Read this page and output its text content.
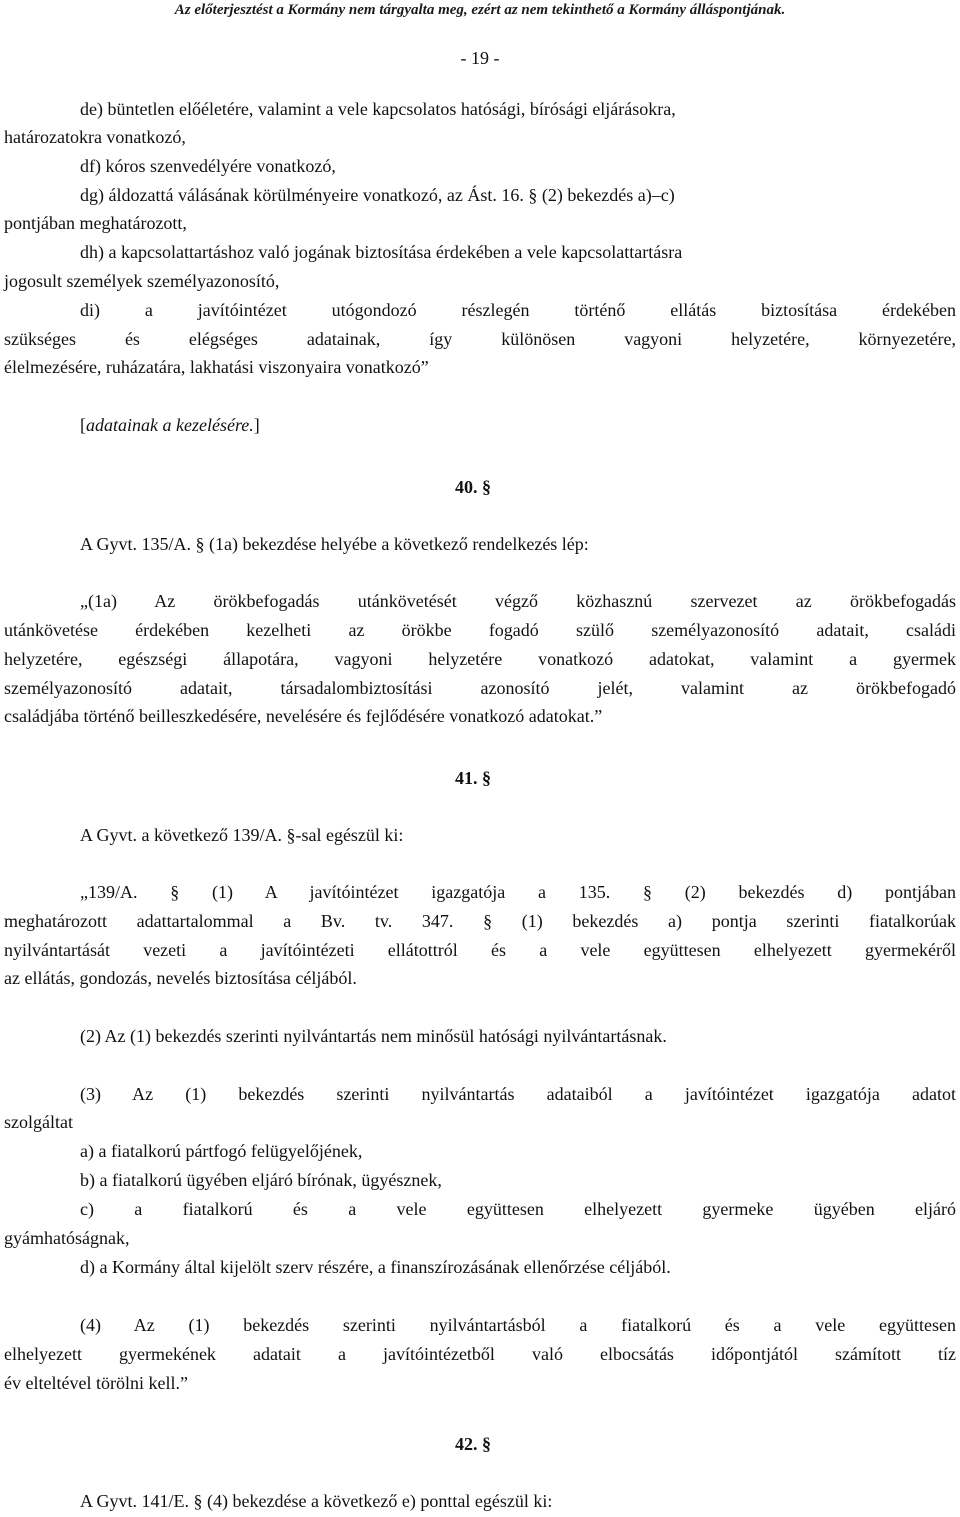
Az előterjesztést a Kormány nem tárgyalta meg, ezért az nem tekinthető a Kormány álláspontjának.
- 19 -
de) büntetlen előéletére, valamint a vele kapcsolatos hatósági, bírósági eljárásokra,
határozatokra vonatkozó,
df) kóros szenvedélyére vonatkozó,
dg) áldozattá válásának körülményeire vonatkozó, az Ást. 16. § (2) bekezdés a)–c)
pontjában meghatározott,
dh) a kapcsolattartáshoz való jogának biztosítása érdekében a vele kapcsolattartásra
jogosult személyek személyazonosító,
di) a javítóintézet utógondozó részlegén történő ellátás biztosítása érdekében
szükséges és elégséges adatainak, így különösen vagyoni helyzetére, környezetére,
élelmezésére, ruházatára, lakhatási viszonyaira vonatkozó”
[adatainak a kezelésére.]
40. §
A Gyvt. 135/A. § (1a) bekezdése helyébe a következő rendelkezés lép:
„(1a) Az örökbefogadás utánkövetését végző közhasznú szervezet az örökbefogadás
utánkövetése érdekében kezelheti az örökbe fogadó szülő személyazonosító adatait, családi
helyzetére, egészségi állapotára, vagyoni helyzetére vonatkozó adatokat, valamint a gyermek
személyazonosító adatait, társadalombiztosítási azonosító jelét, valamint az örökbefogadó
családjába történő beilleszkedésére, nevelésére és fejlődésére vonatkozó adatokat.”
41. §
A Gyvt. a következő 139/A. §-sal egészül ki:
„139/A. § (1) A javítóintézet igazgatója a 135. § (2) bekezdés d) pontjában
meghatározott adattartalommal a Bv. tv. 347. § (1) bekezdés a) pontja szerinti fiatalkorúak
nyilvántartását vezeti a javítóintézeti ellátottról és a vele együttesen elhelyezett gyermekéről
az ellátás, gondozás, nevelés biztosítása céljából.
(2) Az (1) bekezdés szerinti nyilvántartás nem minősül hatósági nyilvántartásnak.
(3) Az (1) bekezdés szerinti nyilvántartás adataiból a javítóintézet igazgatója adatot
szolgáltat
a) a fiatalkorú pártfogó felügyelőjének,
b) a fiatalkorú ügyében eljáró bírónak, ügyésznek,
c) a fiatalkorú és a vele együttesen elhelyezett gyermeke ügyében eljáró
gyámhatóságnak,
d) a Kormány által kijelölt szerv részére, a finanszírozásának ellenőrzése céljából.
(4) Az (1) bekezdés szerinti nyilvántartásból a fiatalkorú és a vele együttesen
elhelyezett gyermekének adatait a javítóintézetből való elbocsátás időpontjától számított tíz
év elteltével törölni kell.”
42. §
A Gyvt. 141/E. § (4) bekezdése a következő e) ponttal egészül ki:
